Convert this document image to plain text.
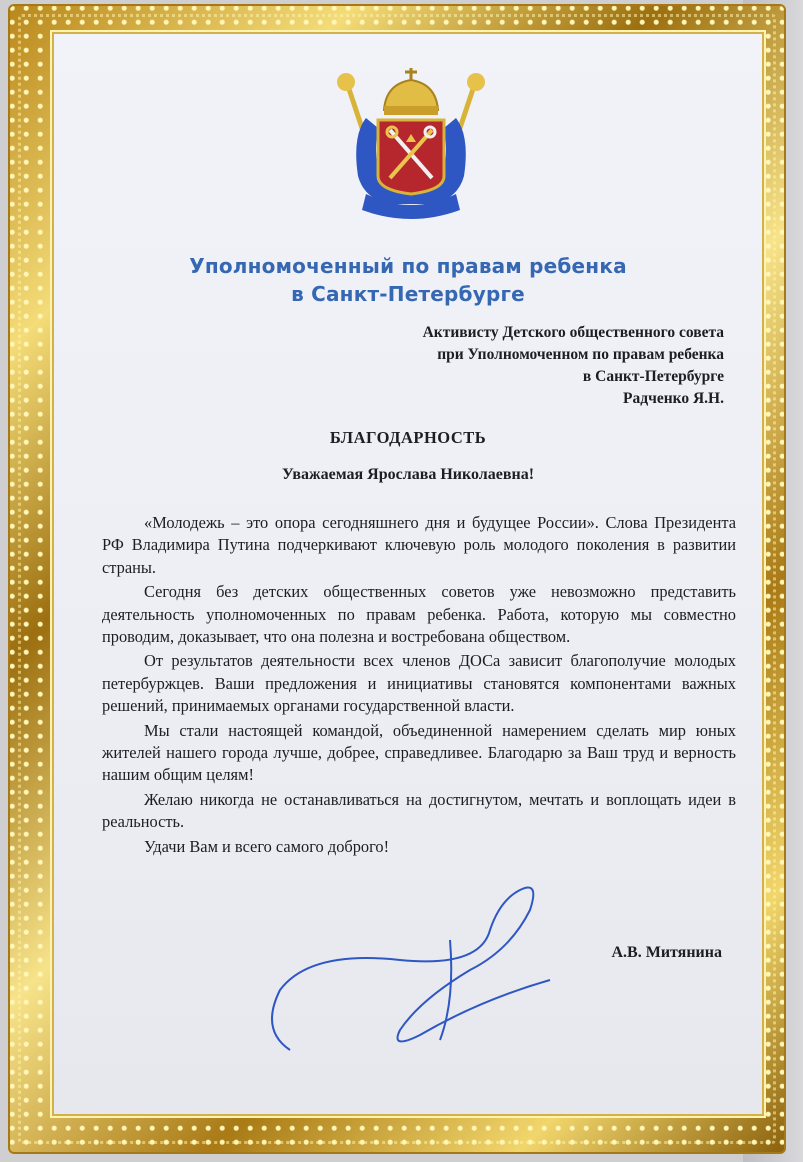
Уполномоченный по правам ребенка
в Санкт-Петербурге
Активисту Детского общественного совета
при Уполномоченном по правам ребенка
в Санкт-Петербурге
Радченко Я.Н.
БЛАГОДАРНОСТЬ
Уважаемая Ярослава Николаевна!

«Молодежь – это опора сегодняшнего дня и будущее России». Слова Президента РФ Владимира Путина подчеркивают ключевую роль молодого поколения в развитии страны.

Сегодня без детских общественных советов уже невозможно представить деятельность уполномоченных по правам ребенка. Работа, которую мы совместно проводим, доказывает, что она полезна и востребована обществом.

От результатов деятельности всех членов ДОСа зависит благополучие молодых петербуржцев. Ваши предложения и инициативы становятся компонентами важных решений, принимаемых органами государственной власти.

Мы стали настоящей командой, объединенной намерением сделать мир юных жителей нашего города лучше, добрее, справедливее. Благодарю за Ваш труд и верность нашим общим целям!

Желаю никогда не останавливаться на достигнутом, мечтать и воплощать идеи в реальность.

Удачи Вам и всего самого доброго!

А.В. Митянина
